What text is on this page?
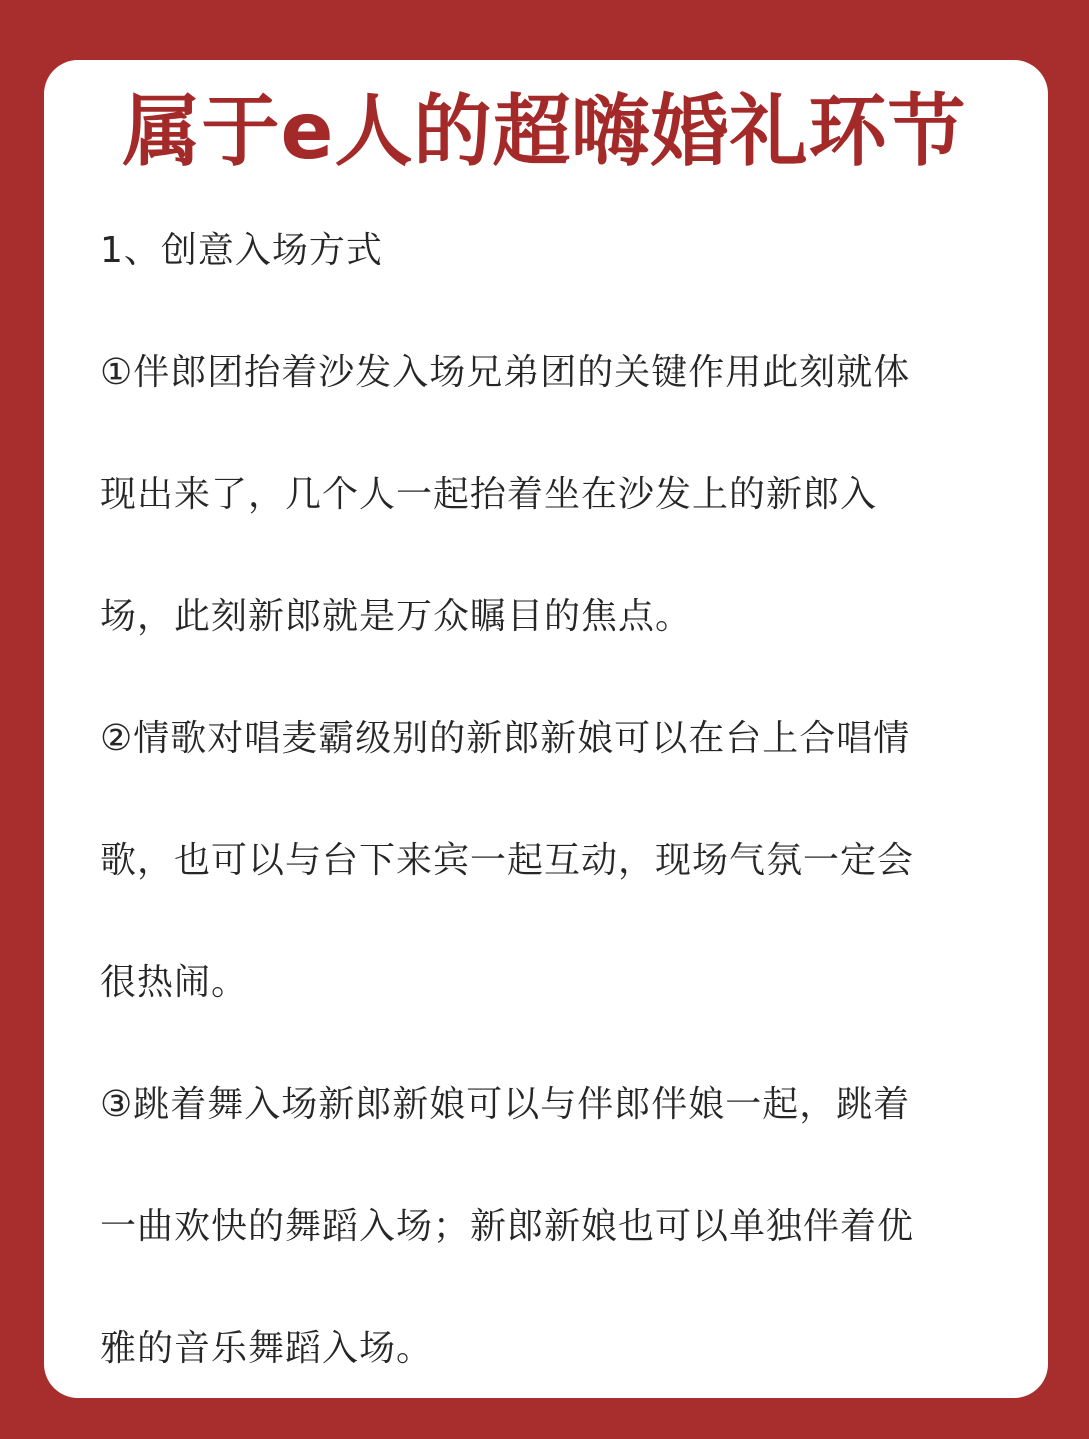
属于e人的超嗨婚礼环节

1、创意入场方式

①伴郎团抬着沙发入场兄弟团的关键作用此刻就体

现出来了，几个人一起抬着坐在沙发上的新郎入

场，此刻新郎就是万众瞩目的焦点。

②情歌对唱麦霸级别的新郎新娘可以在台上合唱情

歌，也可以与台下来宾一起互动，现场气氛一定会

很热闹。

③跳着舞入场新郎新娘可以与伴郎伴娘一起，跳着

一曲欢快的舞蹈入场；新郎新娘也可以单独伴着优

雅的音乐舞蹈入场。
